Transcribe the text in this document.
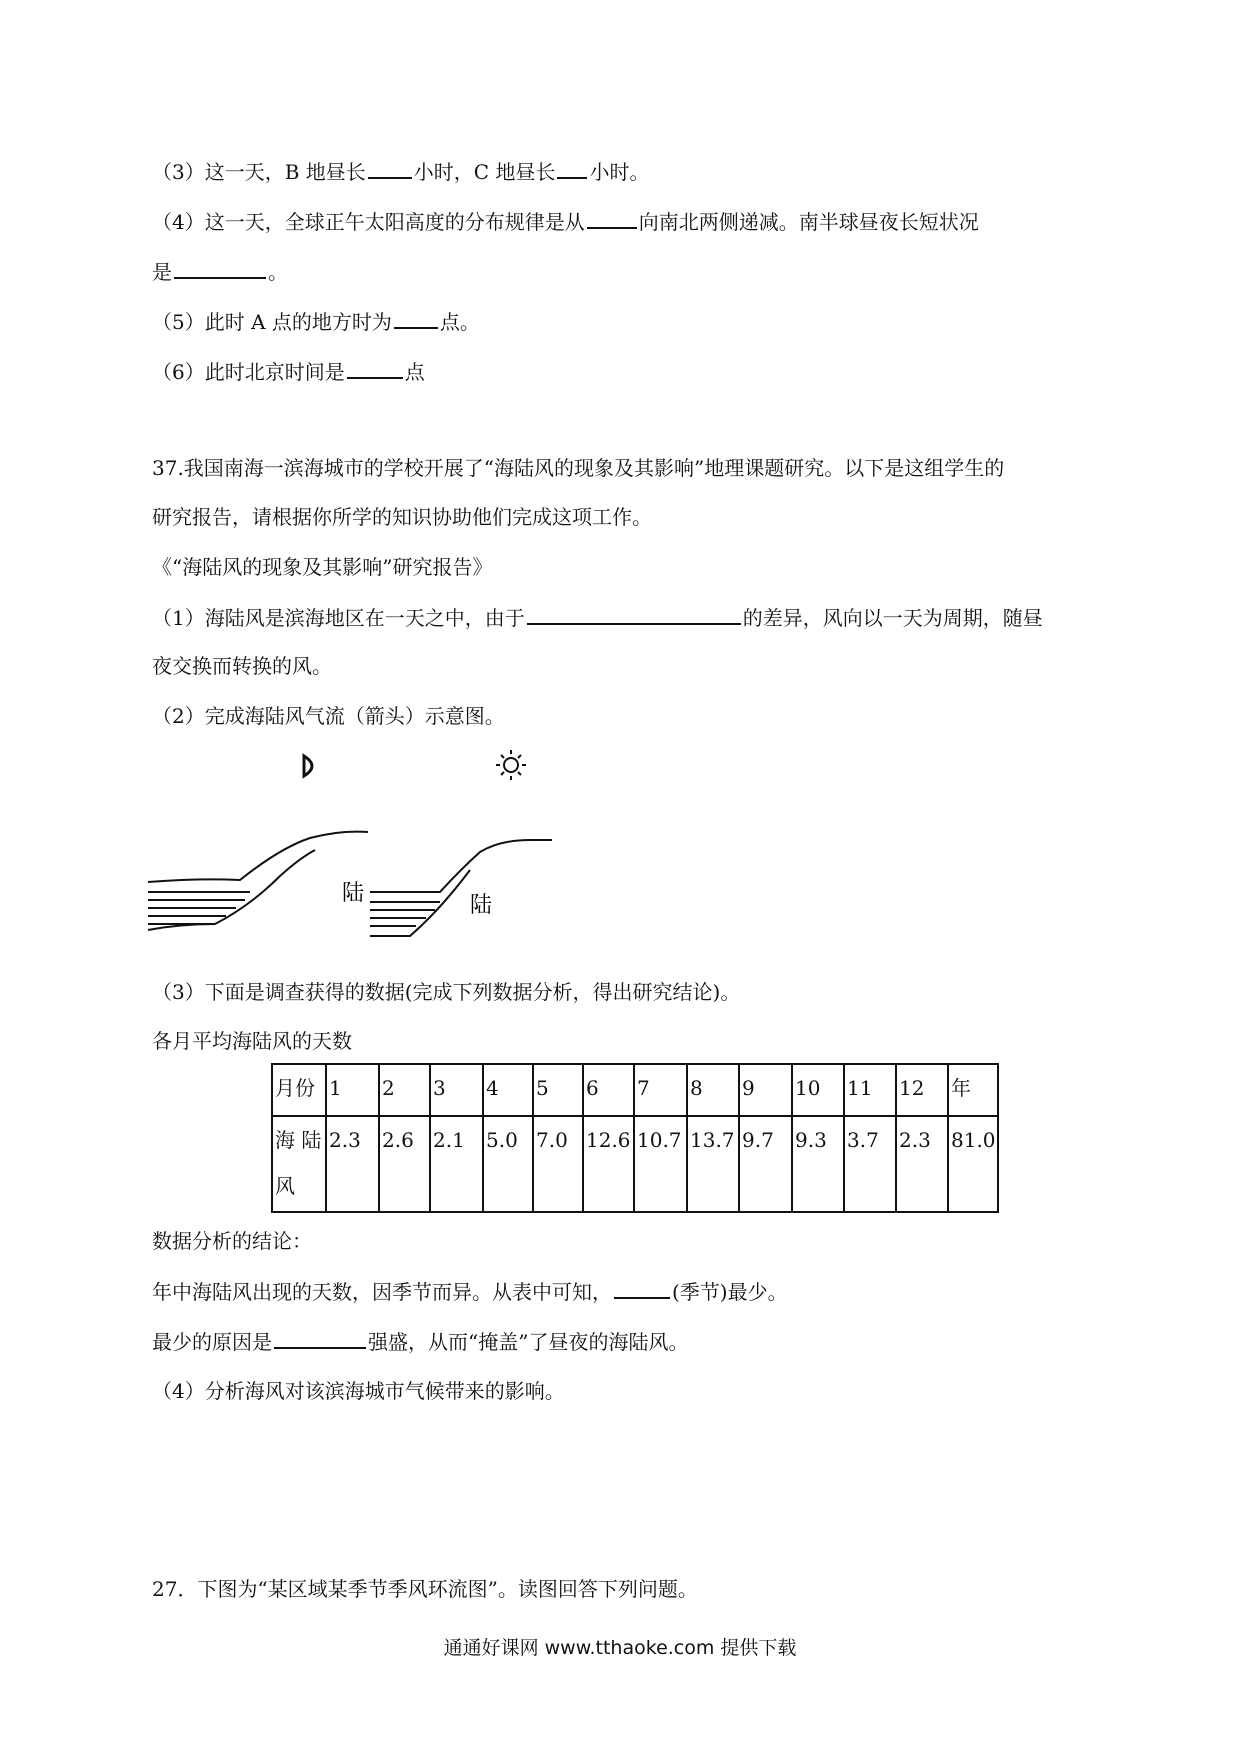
（3）这一天，B 地昼长 小时，C 地昼长 小时。
（4）这一天，全球正午太阳高度的分布规律是从	向南北两侧递减。南半球昼夜长短状况
是	。
（5）此时 A 点的地方时为 点。
（6）此时北京时间是	点
37.我国南海一滨海城市的学校开展了“海陆风的现象及其影响”地理课题研究。以下是这组学生的
研究报告，请根据你所学的知识协助他们完成这项工作。
《“海陆风的现象及其影响”研究报告》
（1）海陆风是滨海地区在一天之中，由于	的差异，风向以一天为周期，随昼
夜交换而转换的风。
（2）完成海陆风气流（箭头）示意图。
陆	陆
（3）下面是调查获得的数据(完成下列数据分析，得出研究结论)。
各月平均海陆风的天数
月份	1	2	3	4	5	6	7	8	9	10	11	12	年

海 陆
风	2.3	2.6	2.1	5.0	7.0	12.6	10.7	13.7	9.7	9.3	3.7	2.3	81.0
数据分析的结论：
年中海陆风出现的天数，因季节而异。从表中可知，	(季节)最少。
最少的原因是	强盛，从而“掩盖”了昼夜的海陆风。
（4）分析海风对该滨海城市气候带来的影响。
27．下图为“某区域某季节季风环流图”。读图回答下列问题。
通通好课网 www.tthaoke.com 提供下载
